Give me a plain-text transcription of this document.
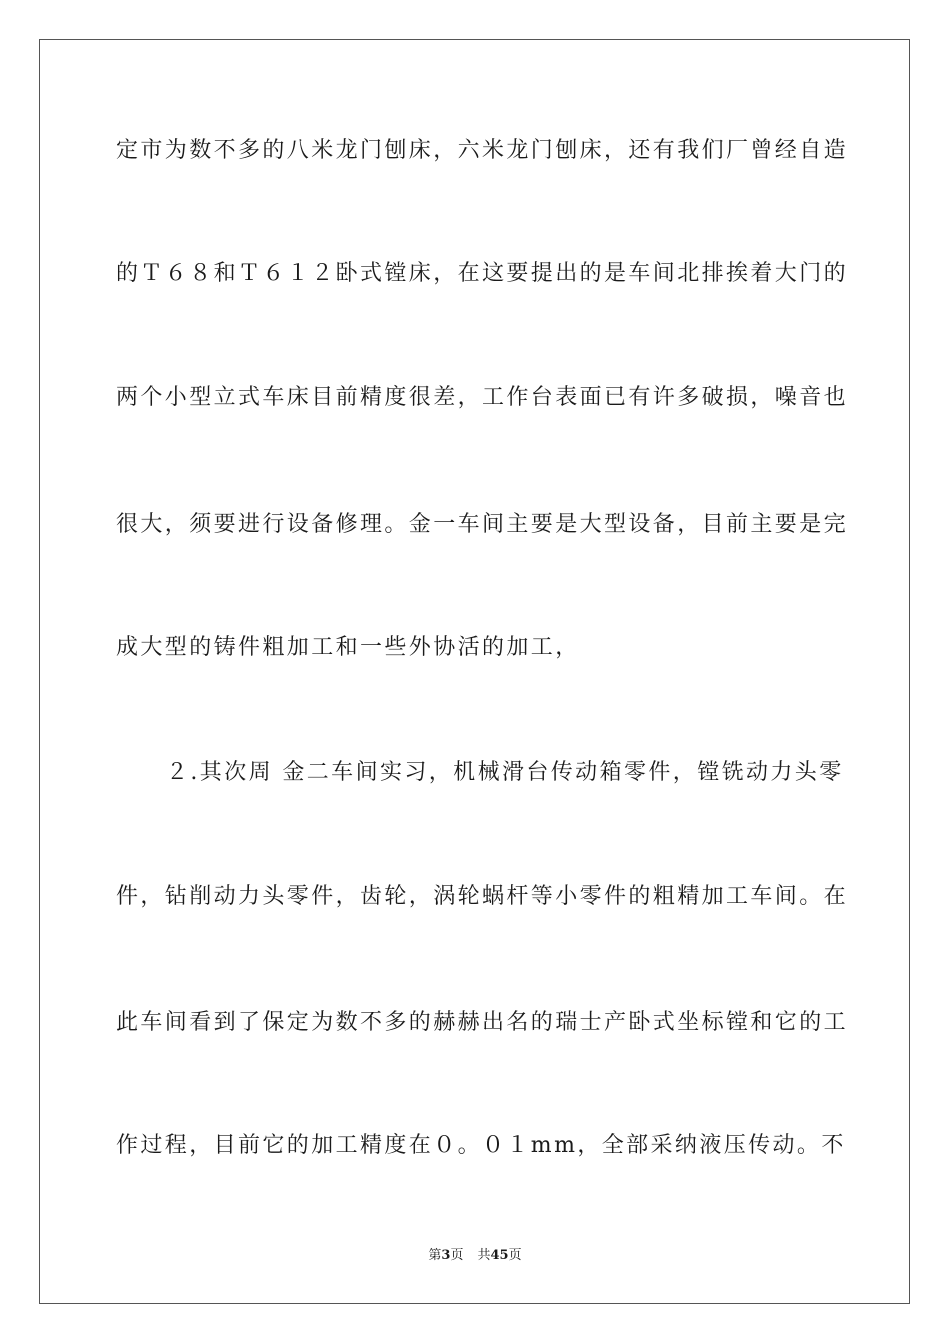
定市为数不多的八米龙门刨床，六米龙门刨床，还有我们厂曾经自造
的Ｔ６８和Ｔ６１２卧式镗床，在这要提出的是车间北排挨着大门的
两个小型立式车床目前精度很差，工作台表面已有许多破损，噪音也
很大，须要进行设备修理。金一车间主要是大型设备，目前主要是完
成大型的铸件粗加工和一些外协活的加工，
２.其次周 金二车间实习，机械滑台传动箱零件，镗铣动力头零
件，钻削动力头零件，齿轮，涡轮蜗杆等小零件的粗精加工车间。在
此车间看到了保定为数不多的赫赫出名的瑞士产卧式坐标镗和它的工
作过程，目前它的加工精度在０。０１mm，全部采纳液压传动。不
第3页 共45页
